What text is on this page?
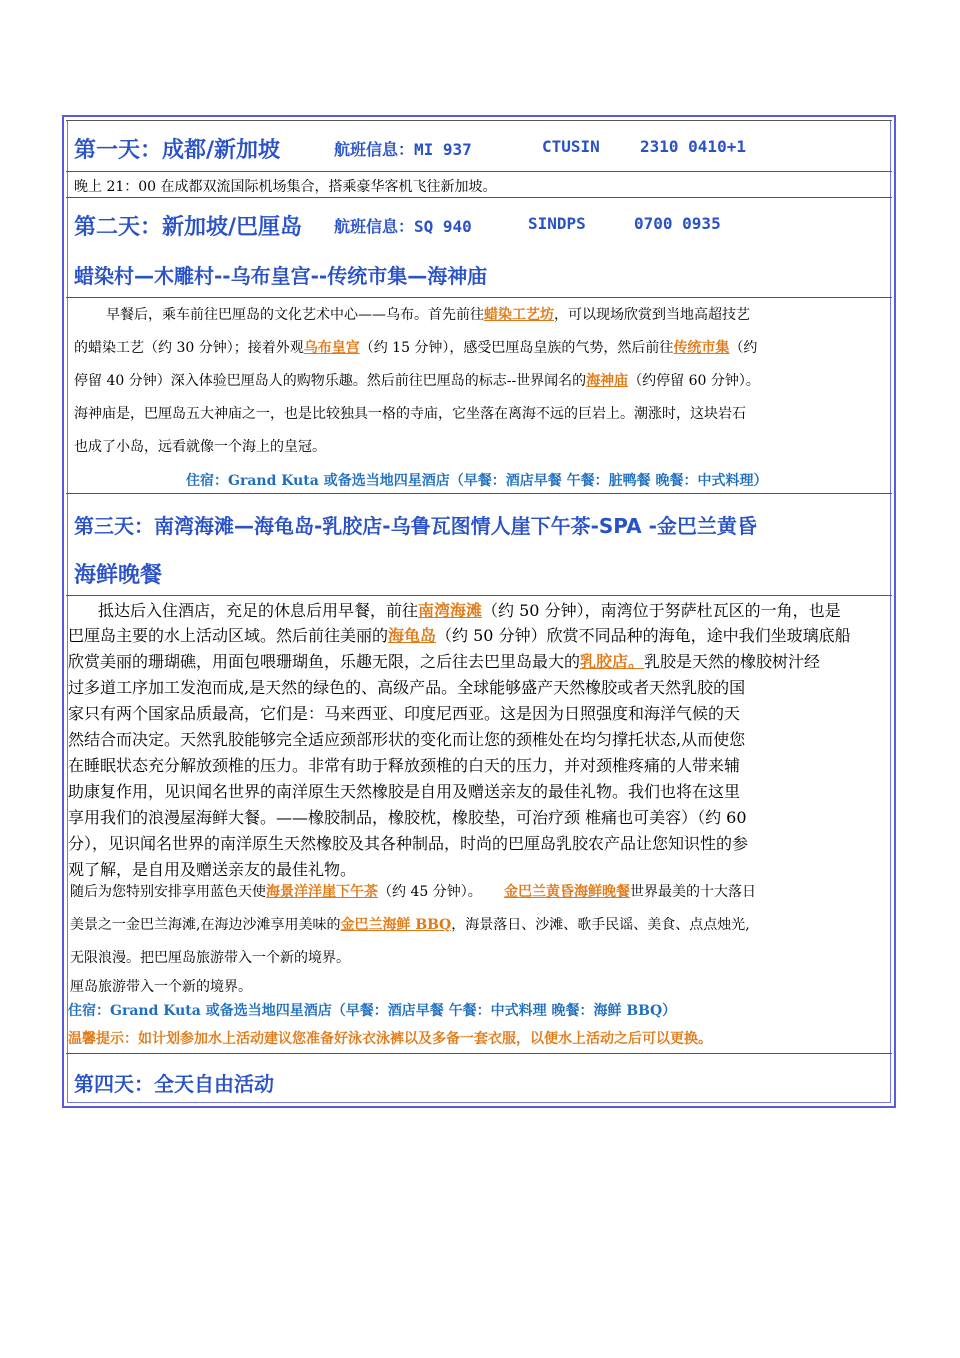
第一天：成都/新加坡	航班信息：MI 937	CTUSIN	2310 0410+1
晚上 21：00 在成都双流国际机场集合，搭乘豪华客机飞往新加坡。
第二天：新加坡/巴厘岛 航班信息：SQ 940	SINDPS	0700 0935
蜡染村—木雕村--乌布皇宫--传统市集—海神庙
早餐后，乘车前往巴厘岛的文化艺术中心——乌布。首先前往蜡染工艺坊，可以现场欣赏到当地高超技艺
的蜡染工艺（约 30 分钟）；接着外观乌布皇宫（约 15 分钟），感受巴厘岛皇族的气势，然后前往传统市集（约
停留 40 分钟）深入体验巴厘岛人的购物乐趣。然后前往巴厘岛的标志--世界闻名的海神庙（约停留 60 分钟）。
海神庙是，巴厘岛五大神庙之一，也是比较独具一格的寺庙，它坐落在离海不远的巨岩上。潮涨时，这块岩石
也成了小岛，远看就像一个海上的皇冠。
住宿：Grand Kuta 或备选当地四星酒店（早餐：酒店早餐 午餐：脏鸭餐 晚餐：中式料理）
第三天：南湾海滩—海龟岛-乳胶店-乌鲁瓦图情人崖下午茶-SPA -金巴兰黄昏
海鲜晚餐
抵达后入住酒店，充足的休息后用早餐，前往南湾海滩（约 50 分钟），南湾位于努萨杜瓦区的一角，也是
巴厘岛主要的水上活动区域。然后前往美丽的海龟岛（约 50 分钟）欣赏不同品种的海龟，途中我们坐玻璃底船
欣赏美丽的珊瑚礁，用面包喂珊瑚鱼，乐趣无限，之后往去巴里岛最大的乳胶店。乳胶是天然的橡胶树汁经
过多道工序加工发泡而成,是天然的绿色的、高级产品。全球能够盛产天然橡胶或者天然乳胶的国
家只有两个国家品质最高，它们是：马来西亚、印度尼西亚。这是因为日照强度和海洋气候的天
然结合而决定。天然乳胶能够完全适应颈部形状的变化而让您的颈椎处在均匀撑托状态,从而使您
在睡眠状态充分解放颈椎的压力。非常有助于释放颈椎的白天的压力，并对颈椎疼痛的人带来辅
助康复作用，见识闻名世界的南洋原生天然橡胶是自用及赠送亲友的最佳礼物。我们也将在这里
享用我们的浪漫屋海鲜大餐。——橡胶制品，橡胶枕，橡胶垫，可治疗颈 椎痛也可美容）（约 60
分），见识闻名世界的南洋原生天然橡胶及其各种制品，时尚的巴厘岛乳胶农产品让您知识性的参
观了解，是自用及赠送亲友的最佳礼物。
随后为您特别安排享用蓝色天使海景洋洋崖下午茶（约 45 分钟）。 金巴兰黄昏海鲜晚餐世界最美的十大落日
美景之一金巴兰海滩,在海边沙滩享用美味的金巴兰海鲜 BBQ，海景落日、沙滩、歌手民谣、美食、点点烛光,
无限浪漫。把巴厘岛旅游带入一个新的境界。
厘岛旅游带入一个新的境界。
住宿：Grand Kuta 或备选当地四星酒店（早餐：酒店早餐 午餐：中式料理 晚餐：海鲜 BBQ）
温馨提示：如计划参加水上活动建议您准备好泳衣泳裤以及多备一套衣服，以便水上活动之后可以更换。
第四天：全天自由活动
